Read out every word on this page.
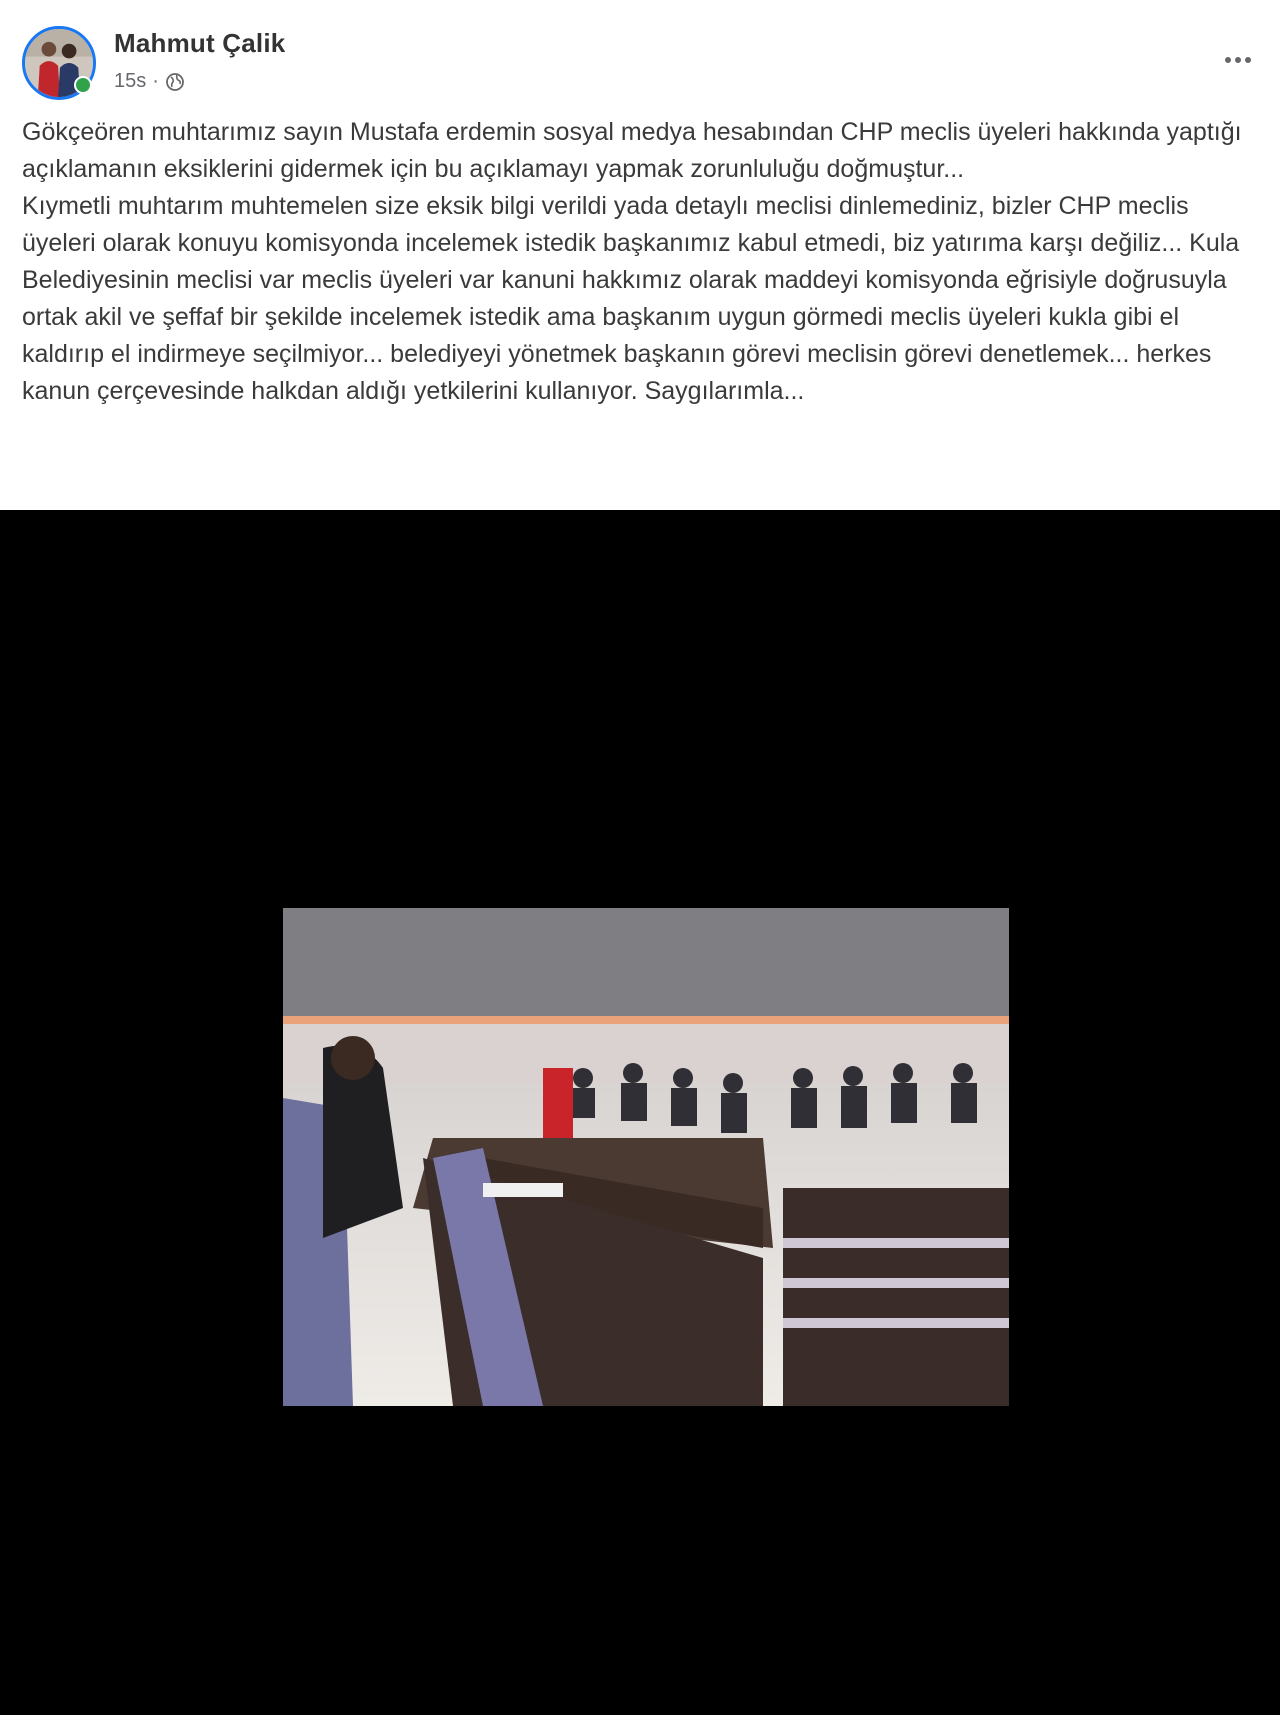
Mahmut Çalik
15s ·
Gökçeören muhtarımız sayın Mustafa erdemin sosyal medya hesabından CHP meclis üyeleri hakkında yaptığı açıklamanın eksiklerini gidermek için bu açıklamayı yapmak zorunluluğu doğmuştur...
Kıymetli muhtarım muhtemelen size eksik bilgi verildi yada detaylı meclisi dinlemediniz, bizler CHP meclis üyeleri olarak konuyu komisyonda incelemek istedik başkanımız kabul etmedi, biz yatırıma karşı değiliz... Kula Belediyesinin meclisi var meclis üyeleri var kanuni hakkımız olarak maddeyi komisyonda eğrisiyle doğrusuyla ortak akil ve şeffaf bir şekilde incelemek istedik ama başkanım uygun görmedi meclis üyeleri kukla gibi el kaldırıp el indirmeye seçilmiyor... belediyeyi yönetmek başkanın görevi meclisin görevi denetlemek... herkes kanun çerçevesinde halkdan aldığı yetkilerini kullanıyor. Saygılarımla...
